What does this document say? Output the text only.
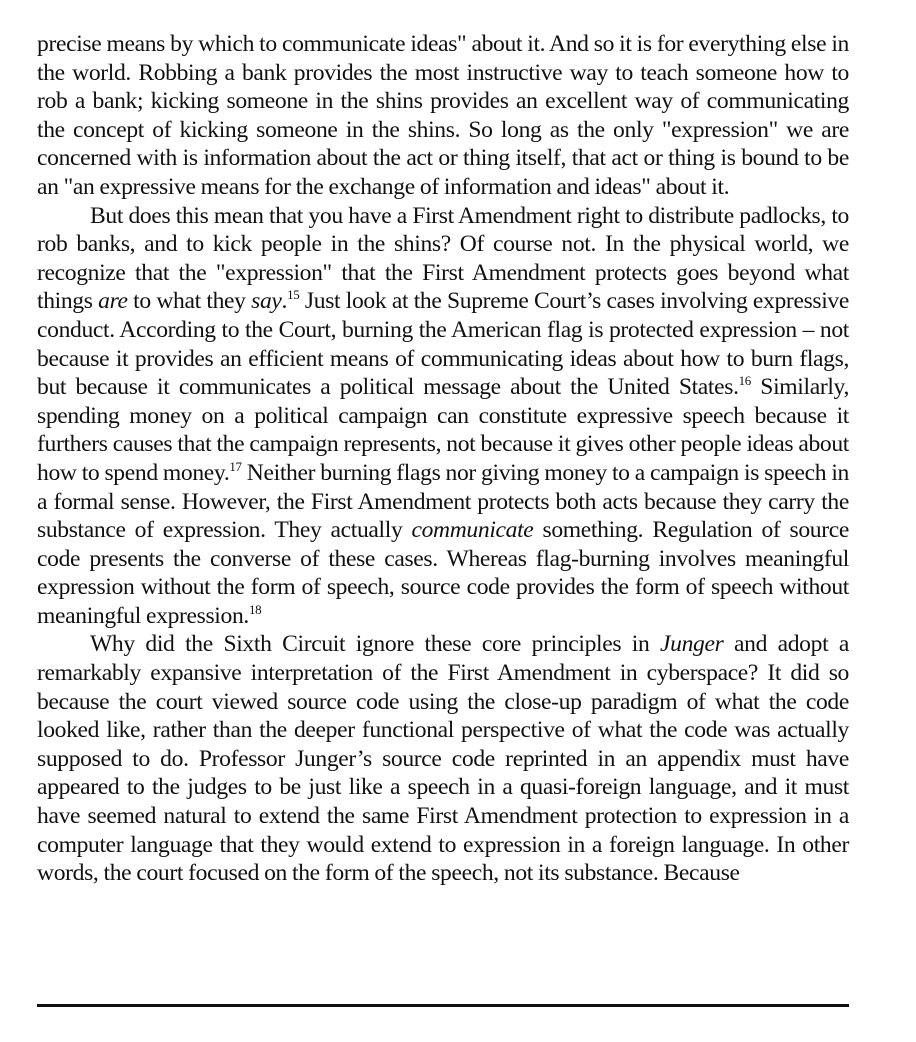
precise means by which to communicate ideas" about it. And so it is for everything else in the world. Robbing a bank provides the most instructive way to teach someone how to rob a bank; kicking someone in the shins provides an excellent way of communicating the concept of kicking someone in the shins. So long as the only "expression" we are concerned with is information about the act or thing itself, that act or thing is bound to be an "an expressive means for the exchange of information and ideas" about it.

But does this mean that you have a First Amendment right to distribute padlocks, to rob banks, and to kick people in the shins? Of course not. In the physical world, we recognize that the "expression" that the First Amendment protects goes beyond what things are to what they say.$^{15}$ Just look at the Supreme Court’s cases involving expressive conduct. According to the Court, burning the American flag is protected expression – not because it provides an efficient means of communicating ideas about how to burn flags, but because it communicates a political message about the United States.$^{16}$ Similarly, spending money on a political campaign can constitute expressive speech because it furthers causes that the campaign represents, not because it gives other people ideas about how to spend money.$^{17}$ Neither burning flags nor giving money to a campaign is speech in a formal sense. However, the First Amendment protects both acts because they carry the substance of expression. They actually communicate something. Regulation of source code presents the converse of these cases. Whereas flag-burning involves meaningful expression without the form of speech, source code provides the form of speech without meaningful expression.$^{18}$

Why did the Sixth Circuit ignore these core principles in Junger and adopt a remarkably expansive interpretation of the First Amendment in cyberspace? It did so because the court viewed source code using the close-up paradigm of what the code looked like, rather than the deeper functional perspective of what the code was actually supposed to do. Professor Junger’s source code reprinted in an appendix must have appeared to the judges to be just like a speech in a quasi-foreign language, and it must have seemed natural to extend the same First Amendment protection to expression in a computer language that they would extend to expression in a foreign language. In other words, the court focused on the form of the speech, not its substance. Because
